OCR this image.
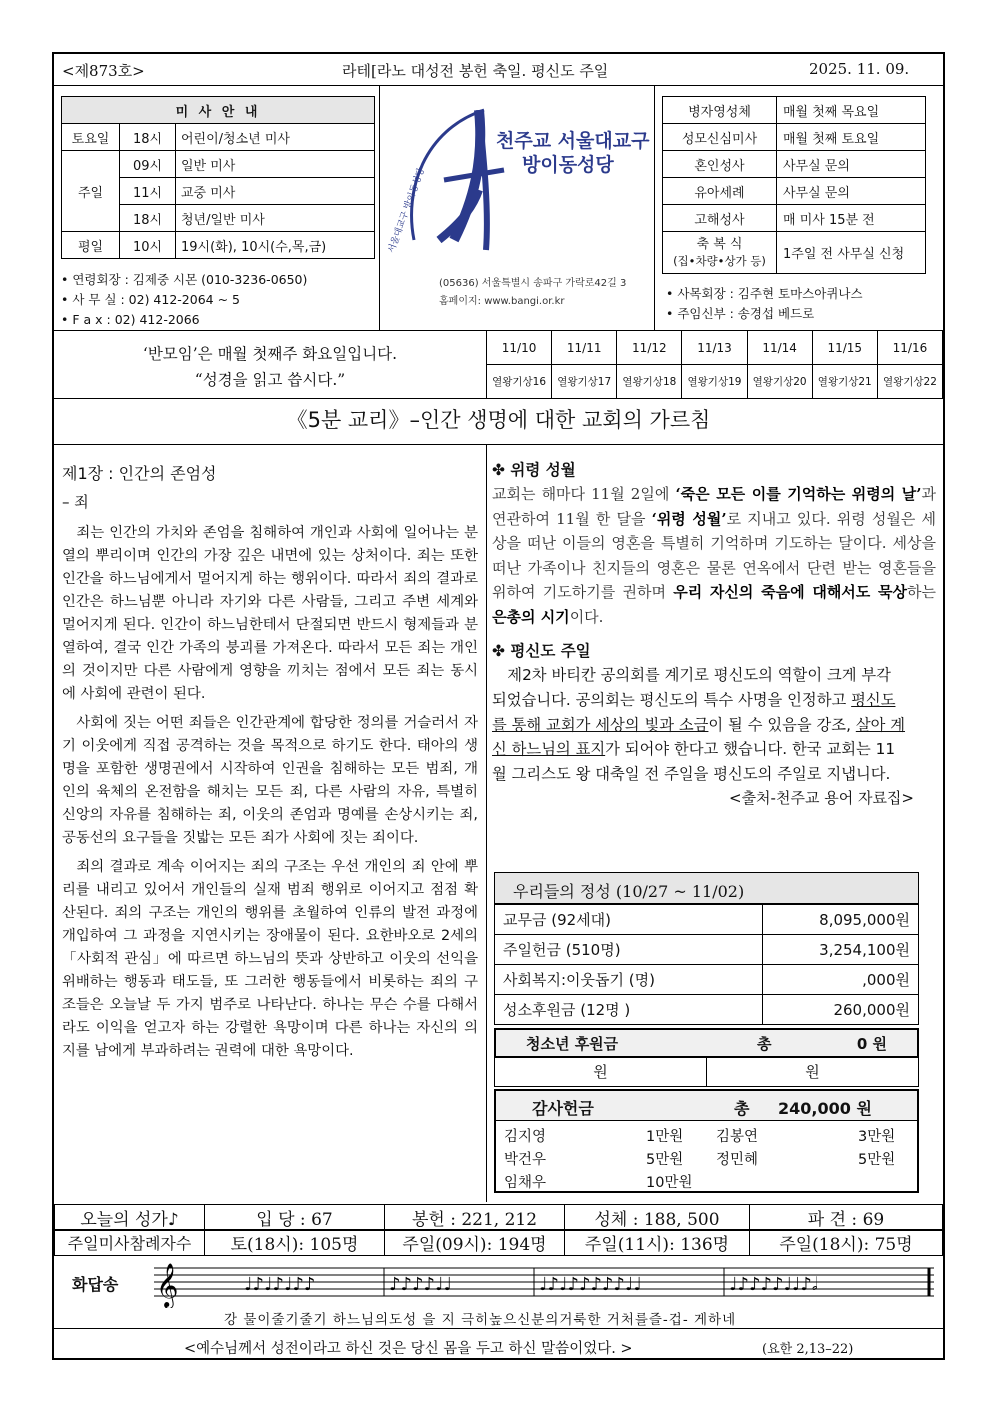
<제873호>	라테[라노 대성전 봉헌 축일. 평신도 주일	2025. 11. 09.
미 사 안 내		
토요일	18시	어린이/청소년 미사
주일	09시	일반 미사
	11시	교중 미사
	18시	청년/일반 미사
평일	10시	19시(화), 10시(수,목,금)
• 연령회장 : 김제중 시몬 (010-3236-0650)
• 사 무 실 : 02) 412-2064 ~ 5
• F a x : 02) 412-2066
천주교 서울대교구
방이동성당
서울대교구 방이동성당
(05636) 서울특별시 송파구 가락로42길 3
홈페이지: www.bangi.or.kr
병자영성체	매월 첫째 목요일
성모신심미사	매월 첫째 토요일
혼인성사	사무실 문의
유아세례	사무실 문의
고해성사	매 미사 15분 전

축 복 식
(집•차량•상가 등)	1주일 전 사무실 신청
• 사목회장 : 김주현 토마스아퀴나스
• 주임신부 : 송경섭 베드로
‘반모임’은 매월 첫째주 화요일입니다.
“성경을 읽고 씁시다.”
11/10	11/11	11/12	11/13	11/14	11/15	11/16
열왕기상16	열왕기상17	열왕기상18	열왕기상19	열왕기상20	열왕기상21	열왕기상22
《5분 교리》–인간 생명에 대한 교회의 가르침
제1장 : 인간의 존엄성
– 죄

죄는 인간의 가치와 존엄을 침해하여 개인과 사회에 일어나는 분열의 뿌리이며 인간의 가장 깊은 내면에 있는 상처이다. 죄는 또한 인간을 하느님에게서 멀어지게 하는 행위이다. 따라서 죄의 결과로 인간은 하느님뿐 아니라 자기와 다른 사람들, 그리고 주변 세계와 멀어지게 된다. 인간이 하느님한테서 단절되면 반드시 형제들과 분열하여, 결국 인간 가족의 붕괴를 가져온다. 따라서 모든 죄는 개인의 것이지만 다른 사람에게 영향을 끼치는 점에서 모든 죄는 동시에 사회에 관련이 된다.

사회에 짓는 어떤 죄들은 인간관계에 합당한 정의를 거슬러서 자기 이웃에게 직접 공격하는 것을 목적으로 하기도 한다. 태아의 생명을 포함한 생명권에서 시작하여 인권을 침해하는 모든 범죄, 개인의 육체의 온전함을 해치는 모든 죄, 다른 사람의 자유, 특별히 신앙의 자유를 침해하는 죄, 이웃의 존엄과 명예를 손상시키는 죄, 공동선의 요구들을 짓밟는 모든 죄가 사회에 짓는 죄이다.

죄의 결과로 계속 이어지는 죄의 구조는 우선 개인의 죄 안에 뿌리를 내리고 있어서 개인들의 실재 범죄 행위로 이어지고 점점 확산된다. 죄의 구조는 개인의 행위를 초월하여 인류의 발전 과정에 개입하여 그 과정을 지연시키는 장애물이 된다. 요한바오로 2세의 「사회적 관심」에 따르면 하느님의 뜻과 상반하고 이웃의 선익을 위배하는 행동과 태도들, 또 그러한 행동들에서 비롯하는 죄의 구조들은 오늘날 두 가지 범주로 나타난다. 하나는 무슨 수를 다해서라도 이익을 얻고자 하는 강렬한 욕망이며 다른 하나는 자신의 의지를 남에게 부과하려는 권력에 대한 욕망이다.

✤ 위령 성월
교회는 해마다 11월 2일에 ‘죽은 모든 이를 기억하는 위령의 날’과 연관하여 11월 한 달을 ‘위령 성월’로 지내고 있다. 위령 성월은 세상을 떠난 이들의 영혼을 특별히 기억하며 기도하는 달이다. 세상을 떠난 가족이나 친지들의 영혼은 물론 연옥에서 단련 받는 영혼들을 위하여 기도하기를 권하며 우리 자신의 죽음에 대해서도 묵상하는 은총의 시기이다.
✤ 평신도 주일
제2차 바티칸 공의회를 계기로 평신도의 역할이 크게 부각 되었습니다. 공의회는 평신도의 특수 사명을 인정하고 평신도를 통해 교회가 세상의 빛과 소금이 될 수 있음을 강조, 살아 계신 하느님의 표지가 되어야 한다고 했습니다. 한국 교회는 11월 그리스도 왕 대축일 전 주일을 평신도의 주일로 지냅니다.
<출처-천주교 용어 자료집>
우리들의 정성 (10/27 ~ 11/02)
교무금 (92세대)	8,095,000원
주일헌금 (510명)	3,254,100원
사회복지:이웃돕기 (명)	,000원
성소후원금 (12명 )	260,000원
청소년 후원금	총	0 원
원	원
감사헌금	총 240,000 원
김지영	1만원 김봉연	3만원
박건우	5만원 정민혜	5만원
임채우	10만원
오늘의 성가♪	입 당 : 67	봉헌 : 221, 212	성체 : 188, 500	파 견 : 69
주일미사참례자수	토(18시): 105명	주일(09시): 194명	주일(11시): 136명	주일(18시): 75명
화답송 𝄞	♩♪♩♪♩♪♪	♪♪♪♪♩♩	♩♪♩♪♪♪♪♪♩♩	♩♪♪♪♪♩♩♪𝅗𝅥
강 물이줄기줄기 하느님의도성 을 지 극히높으신분의거룩한 거처를즐-겁- 게하네
<예수님께서 성전이라고 하신 것은 당신 몸을 두고 하신 말씀이었다. >	(요한 2,13–22)
